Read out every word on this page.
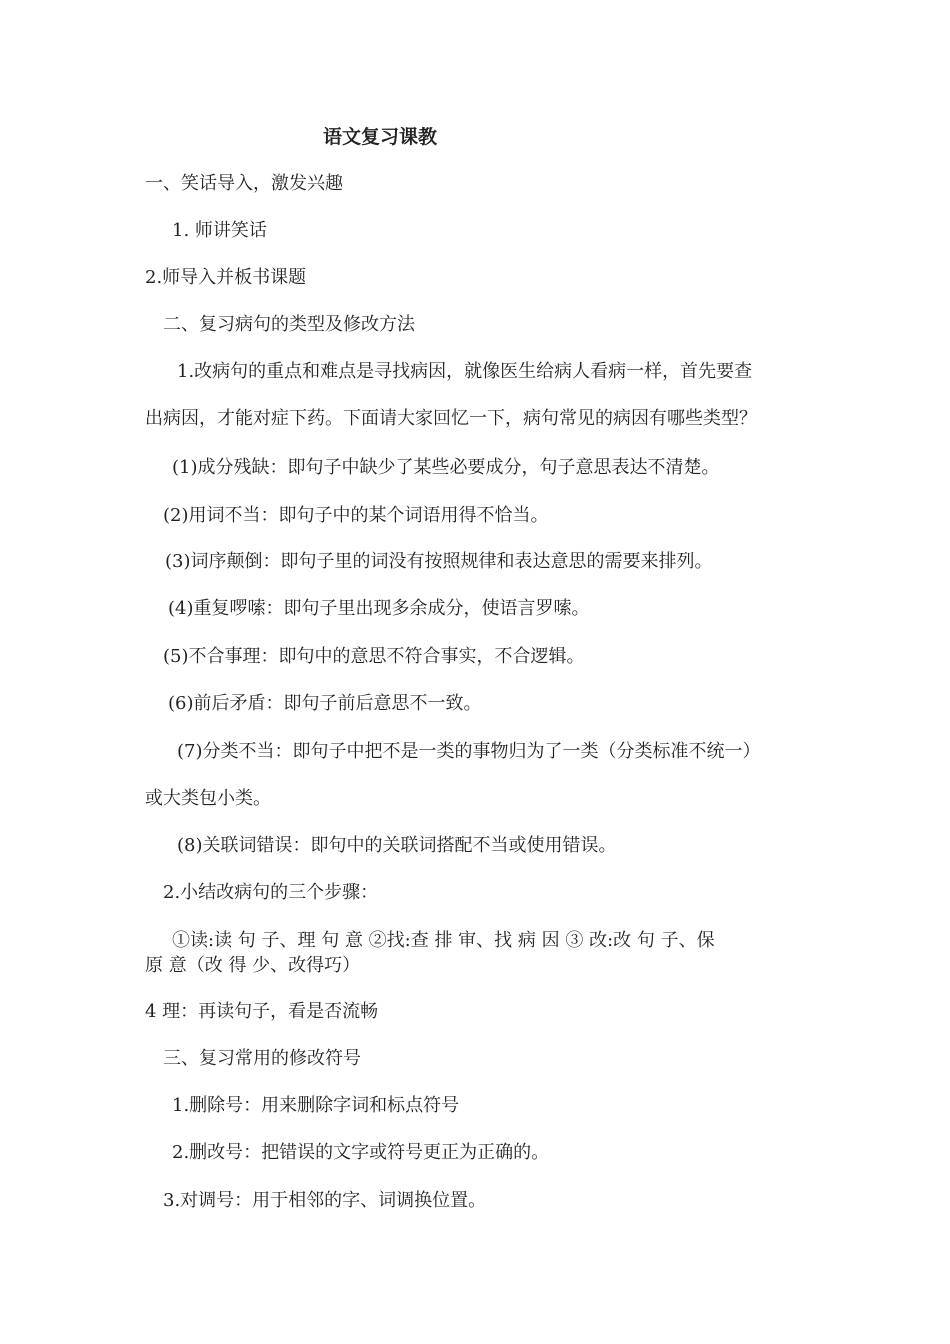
语文复习课教
一、笑话导入，激发兴趣
1. 师讲笑话
2.师导入并板书课题
二、复习病句的类型及修改方法
1.改病句的重点和难点是寻找病因，就像医生给病人看病一样，首先要查
出病因，才能对症下药。下面请大家回忆一下，病句常见的病因有哪些类型？
(1)成分残缺：即句子中缺少了某些必要成分，句子意思表达不清楚。
(2)用词不当：即句子中的某个词语用得不恰当。
(3)词序颠倒：即句子里的词没有按照规律和表达意思的需要来排列。
(4)重复啰嗦：即句子里出现多余成分，使语言罗嗦。
(5)不合事理：即句中的意思不符合事实，不合逻辑。
(6)前后矛盾：即句子前后意思不一致。
(7)分类不当：即句子中把不是一类的事物归为了一类（分类标准不统一）
或大类包小类。
(8)关联词错误：即句中的关联词搭配不当或使用错误。
2.小结改病句的三个步骤：
①读:读 句 子、理 句 意 ②找:查 排 审、找 病 因 ③ 改:改 句 子、保
原 意（改 得 少、改得巧）
4 理：再读句子，看是否流畅
三、复习常用的修改符号
1.删除号：用来删除字词和标点符号
2.删改号：把错误的文字或符号更正为正确的。
3.对调号：用于相邻的字、词调换位置。
